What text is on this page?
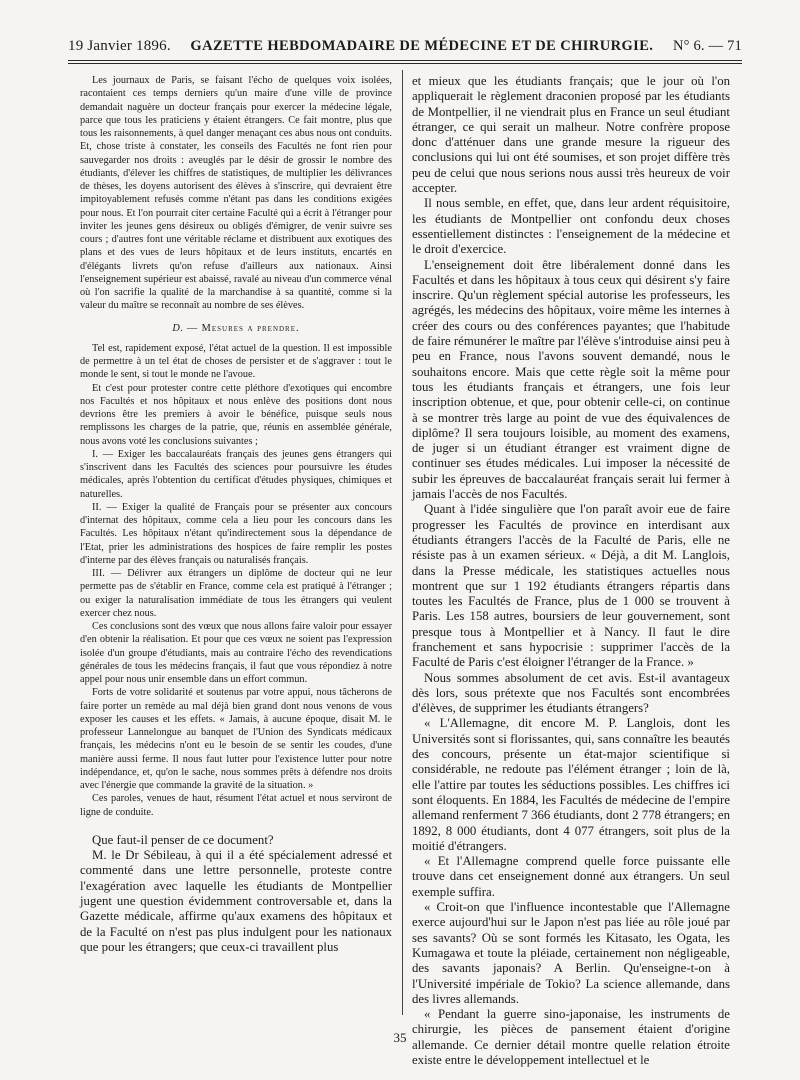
19 Janvier 1896. GAZETTE HEBDOMADAIRE DE MÉDECINE ET DE CHIRURGIE. N° 6. — 71

Les journaux de Paris, se faisant l'écho de quelques voix isolées, racontaient ces temps derniers qu'un maire d'une ville de province demandait naguère un docteur français pour exercer la médecine légale, parce que tous les praticiens y étaient étrangers. Ce fait montre, plus que tous les raisonnements, à quel danger menaçant ces abus nous ont conduits. Et, chose triste à constater, les conseils des Facultés ne font rien pour sauvegarder nos droits : aveuglés par le désir de grossir le nombre des étudiants, d'élever les chiffres de statistiques, de multiplier les délivrances de thèses, les doyens autorisent des élèves à s'inscrire, qui devraient être impitoyablement refusés comme n'étant pas dans les conditions exigées pour nous. Et l'on pourrait citer certaine Faculté qui a écrit à l'étranger pour inviter les jeunes gens désireux ou obligés d'émigrer, de venir suivre ses cours ; d'autres font une véritable réclame et distribuent aux exotiques des plans et des vues de leurs hôpitaux et de leurs instituts, encartés en d'élégants livrets qu'on refuse d'ailleurs aux nationaux. Ainsi l'enseignement supérieur est abaissé, ravalé au niveau d'un commerce vénal où l'on sacrifie la qualité de la marchandise à sa quantité, comme si la valeur du maître se reconnaît au nombre de ses élèves.

D. — Mesures a prendre.

Tel est, rapidement exposé, l'état actuel de la question. Il est impossible de permettre à un tel état de choses de persister et de s'aggraver : tout le monde le sent, si tout le monde ne l'avoue.

Et c'est pour protester contre cette pléthore d'exotiques qui encombre nos Facultés et nos hôpitaux et nous enlève des positions dont nous devrions être les premiers à avoir le bénéfice, puisque seuls nous remplissons les charges de la patrie, que, réunis en assemblée générale, nous avons voté les conclusions suivantes ;

I. — Exiger les baccalauréats français des jeunes gens étrangers qui s'inscrivent dans les Facultés des sciences pour poursuivre les études médicales, après l'obtention du certificat d'études physiques, chimiques et naturelles.

II. — Exiger la qualité de Français pour se présenter aux concours d'internat des hôpitaux, comme cela a lieu pour les concours dans les Facultés. Les hôpitaux n'étant qu'indirectement sous la dépendance de l'Etat, prier les administrations des hospices de faire remplir les postes d'interne par des élèves français ou naturalisés français.

III. — Délivrer aux étrangers un diplôme de docteur qui ne leur permette pas de s'établir en France, comme cela est pratiqué à l'étranger ; ou exiger la naturalisation immédiate de tous les étrangers qui veulent exercer chez nous.

Ces conclusions sont des vœux que nous allons faire valoir pour essayer d'en obtenir la réalisation. Et pour que ces vœux ne soient pas l'expression isolée d'un groupe d'étudiants, mais au contraire l'écho des revendications générales de tous les médecins français, il faut que vous répondiez à notre appel pour nous unir ensemble dans un effort commun.

Forts de votre solidarité et soutenus par votre appui, nous tâcherons de faire porter un remède au mal déjà bien grand dont nous venons de vous exposer les causes et les effets. « Jamais, à aucune époque, disait M. le professeur Lannelongue au banquet de l'Union des Syndicats médicaux français, les médecins n'ont eu le besoin de se sentir les coudes, d'une manière aussi ferme. Il nous faut lutter pour l'existence lutter pour notre indépendance, et, qu'on le sache, nous sommes prêts à défendre nos droits avec l'énergie que commande la gravité de la situation. »

Ces paroles, venues de haut, résument l'état actuel et nous serviront de ligne de conduite.

Que faut-il penser de ce document?

M. le Dr Sébileau, à qui il a été spécialement adressé et commenté dans une lettre personnelle, proteste contre l'exagération avec laquelle les étudiants de Montpellier jugent une question évidemment controversable et, dans la Gazette médicale, affirme qu'aux examens des hôpitaux et de la Faculté on n'est pas plus indulgent pour les nationaux que pour les étrangers; que ceux-ci travaillent plus

et mieux que les étudiants français; que le jour où l'on appliquerait le règlement draconien proposé par les étudiants de Montpellier, il ne viendrait plus en France un seul étudiant étranger, ce qui serait un malheur. Notre confrère propose donc d'atténuer dans une grande mesure la rigueur des conclusions qui lui ont été soumises, et son projet diffère très peu de celui que nous serions nous aussi très heureux de voir accepter.

Il nous semble, en effet, que, dans leur ardent réquisitoire, les étudiants de Montpellier ont confondu deux choses essentiellement distinctes : l'enseignement de la médecine et le droit d'exercice.

L'enseignement doit être libéralement donné dans les Facultés et dans les hôpitaux à tous ceux qui désirent s'y faire inscrire. Qu'un règlement spécial autorise les professeurs, les agrégés, les médecins des hôpitaux, voire même les internes à créer des cours ou des conférences payantes; que l'habitude de faire rémunérer le maître par l'élève s'introduise ainsi peu à peu en France, nous l'avons souvent demandé, nous le souhaitons encore. Mais que cette règle soit la même pour tous les étudiants français et étrangers, une fois leur inscription obtenue, et que, pour obtenir celle-ci, on continue à se montrer très large au point de vue des équivalences de diplôme? Il sera toujours loisible, au moment des examens, de juger si un étudiant étranger est vraiment digne de continuer ses études médicales. Lui imposer la nécessité de subir les épreuves de baccalauréat français serait lui fermer à jamais l'accès de nos Facultés.

Quant à l'idée singulière que l'on paraît avoir eue de faire progresser les Facultés de province en interdisant aux étudiants étrangers l'accès de la Faculté de Paris, elle ne résiste pas à un examen sérieux. « Déjà, a dit M. Langlois, dans la Presse médicale, les statistiques actuelles nous montrent que sur 1 192 étudiants étrangers répartis dans toutes les Facultés de France, plus de 1 000 se trouvent à Paris. Les 158 autres, boursiers de leur gouvernement, sont presque tous à Montpellier et à Nancy. Il faut le dire franchement et sans hypocrisie : supprimer l'accès de la Faculté de Paris c'est éloigner l'étranger de la France. »

Nous sommes absolument de cet avis. Est-il avantageux dès lors, sous prétexte que nos Facultés sont encombrées d'élèves, de supprimer les étudiants étrangers?

« L'Allemagne, dit encore M. P. Langlois, dont les Universités sont si florissantes, qui, sans connaître les beautés des concours, présente un état-major scientifique si considérable, ne redoute pas l'élément étranger ; loin de là, elle l'attire par toutes les séductions possibles. Les chiffres ici sont éloquents. En 1884, les Facultés de médecine de l'empire allemand renferment 7 366 étudiants, dont 2 778 étrangers; en 1892, 8 000 étudiants, dont 4 077 étrangers, soit plus de la moitié d'étrangers.

« Et l'Allemagne comprend quelle force puissante elle trouve dans cet enseignement donné aux étrangers. Un seul exemple suffira.

« Croit-on que l'influence incontestable que l'Allemagne exerce aujourd'hui sur le Japon n'est pas liée au rôle joué par ses savants? Où se sont formés les Kitasato, les Ogata, les Kumagawa et toute la pléiade, certainement non négligeable, des savants japonais? A Berlin. Qu'enseigne-t-on à l'Université impériale de Tokio? La science allemande, dans des livres allemands.

« Pendant la guerre sino-japonaise, les instruments de chirurgie, les pièces de pansement étaient d'origine allemande. Ce dernier détail montre quelle relation étroite existe entre le développement intellectuel et le

35
